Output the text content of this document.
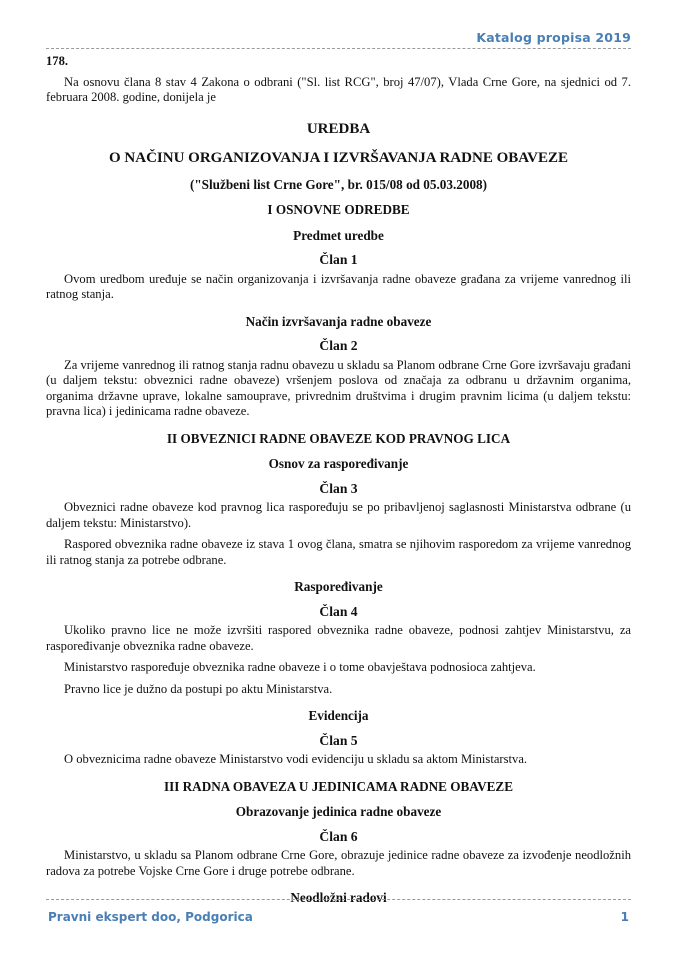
Katalog propisa 2019
178.

Na osnovu člana 8 stav 4 Zakona o odbrani ("Sl. list RCG", broj 47/07), Vlada Crne Gore, na sjednici od 7. februara 2008. godine, donijela je

UREDBA
O NAČINU ORGANIZOVANJA I IZVRŠAVANJA RADNE OBAVEZE
("Službeni list Crne Gore", br. 015/08 od 05.03.2008)
I OSNOVNE ODREDBE
Predmet uredbe
Član 1

Ovom uredbom uređuje se način organizovanja i izvršavanja radne obaveze građana za vrijeme vanrednog ili ratnog stanja.

Način izvršavanja radne obaveze
Član 2

Za vrijeme vanrednog ili ratnog stanja radnu obavezu u skladu sa Planom odbrane Crne Gore izvršavaju građani (u daljem tekstu: obveznici radne obaveze) vršenjem poslova od značaja za odbranu u državnim organima, organima državne uprave, lokalne samouprave, privrednim društvima i drugim pravnim licima (u daljem tekstu: pravna lica) i jedinicama radne obaveze.

II OBVEZNICI RADNE OBAVEZE KOD PRAVNOG LICA
Osnov za raspoređivanje
Član 3

Obveznici radne obaveze kod pravnog lica raspoređuju se po pribavljenoj saglasnosti Ministarstva odbrane (u daljem tekstu: Ministarstvo).

Raspored obveznika radne obaveze iz stava 1 ovog člana, smatra se njihovim rasporedom za vrijeme vanrednog ili ratnog stanja za potrebe odbrane.

Raspoređivanje
Član 4

Ukoliko pravno lice ne može izvršiti raspored obveznika radne obaveze, podnosi zahtjev Ministarstvu, za raspoređivanje obveznika radne obaveze.

Ministarstvo raspoređuje obveznika radne obaveze i o tome obavještava podnosioca zahtjeva.

Pravno lice je dužno da postupi po aktu Ministarstva.

Evidencija
Član 5

O obveznicima radne obaveze Ministarstvo vodi evidenciju u skladu sa aktom Ministarstva.

III RADNA OBAVEZA U JEDINICAMA RADNE OBAVEZE
Obrazovanje jedinica radne obaveze
Član 6

Ministarstvo, u skladu sa Planom odbrane Crne Gore, obrazuje jedinice radne obaveze za izvođenje neodložnih radova za potrebe Vojske Crne Gore i druge potrebe odbrane.

Neodložni radovi
Pravni ekspert doo, Podgorica	1
